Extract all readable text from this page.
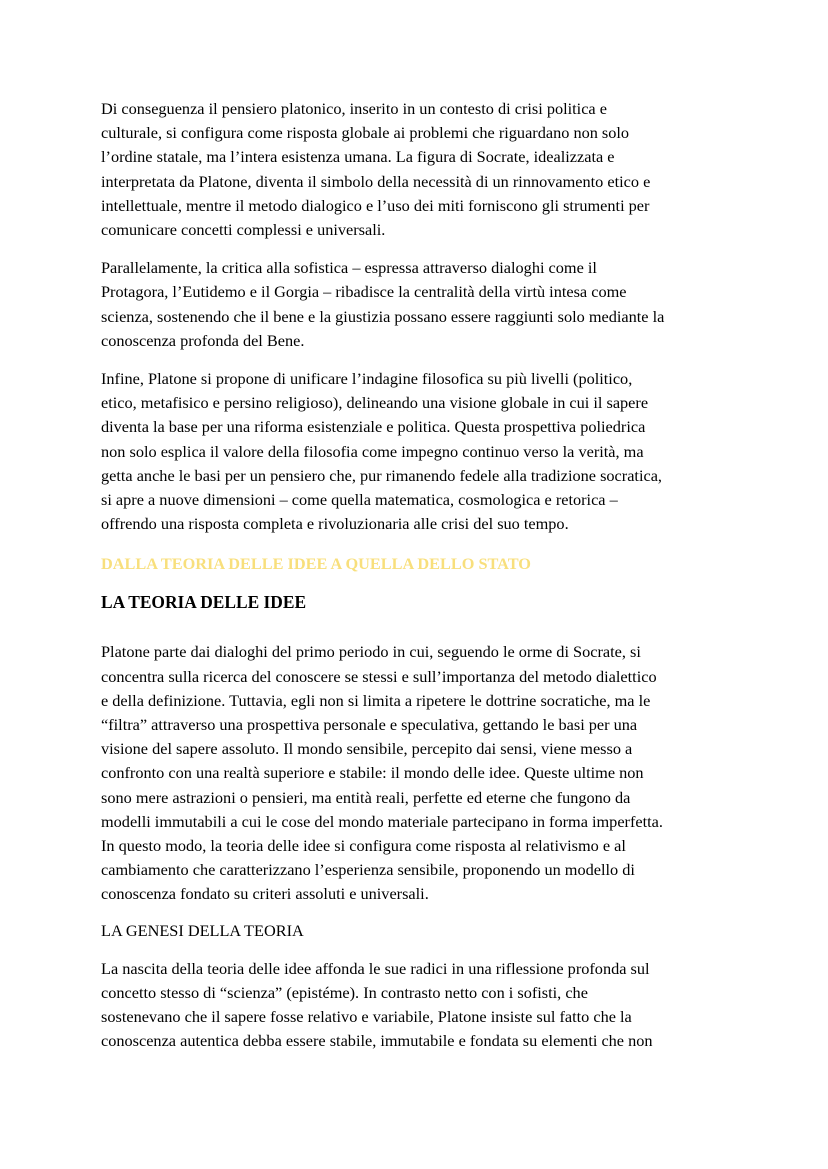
Di conseguenza il pensiero platonico, inserito in un contesto di crisi politica e
culturale, si configura come risposta globale ai problemi che riguardano non solo
l’ordine statale, ma l’intera esistenza umana. La figura di Socrate, idealizzata e
interpretata da Platone, diventa il simbolo della necessità di un rinnovamento etico e
intellettuale, mentre il metodo dialogico e l’uso dei miti forniscono gli strumenti per
comunicare concetti complessi e universali.

Parallelamente, la critica alla sofistica – espressa attraverso dialoghi come il
Protagora, l’Eutidemo e il Gorgia – ribadisce la centralità della virtù intesa come
scienza, sostenendo che il bene e la giustizia possano essere raggiunti solo mediante la
conoscenza profonda del Bene.

Infine, Platone si propone di unificare l’indagine filosofica su più livelli (politico,
etico, metafisico e persino religioso), delineando una visione globale in cui il sapere
diventa la base per una riforma esistenziale e politica. Questa prospettiva poliedrica
non solo esplica il valore della filosofia come impegno continuo verso la verità, ma
getta anche le basi per un pensiero che, pur rimanendo fedele alla tradizione socratica,
si apre a nuove dimensioni – come quella matematica, cosmologica e retorica –
offrendo una risposta completa e rivoluzionaria alle crisi del suo tempo.

DALLA TEORIA DELLE IDEE A QUELLA DELLO STATO

LA TEORIA DELLE IDEE

Platone parte dai dialoghi del primo periodo in cui, seguendo le orme di Socrate, si
concentra sulla ricerca del conoscere se stessi e sull’importanza del metodo dialettico
e della definizione. Tuttavia, egli non si limita a ripetere le dottrine socratiche, ma le
“filtra” attraverso una prospettiva personale e speculativa, gettando le basi per una
visione del sapere assoluto. Il mondo sensibile, percepito dai sensi, viene messo a
confronto con una realtà superiore e stabile: il mondo delle idee. Queste ultime non
sono mere astrazioni o pensieri, ma entità reali, perfette ed eterne che fungono da
modelli immutabili a cui le cose del mondo materiale partecipano in forma imperfetta.
In questo modo, la teoria delle idee si configura come risposta al relativismo e al
cambiamento che caratterizzano l’esperienza sensibile, proponendo un modello di
conoscenza fondato su criteri assoluti e universali.

LA GENESI DELLA TEORIA

La nascita della teoria delle idee affonda le sue radici in una riflessione profonda sul
concetto stesso di “scienza” (epistéme). In contrasto netto con i sofisti, che
sostenevano che il sapere fosse relativo e variabile, Platone insiste sul fatto che la
conoscenza autentica debba essere stabile, immutabile e fondata su elementi che non
